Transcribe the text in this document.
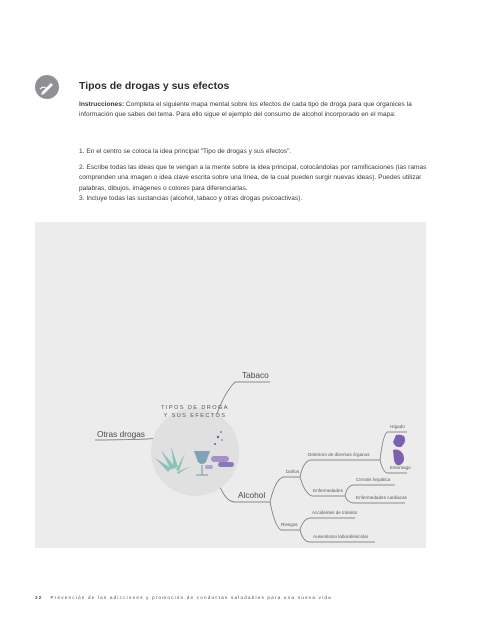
Tipos de drogas y sus efectos

Instrucciones: Completa el siguiente mapa mental sobre los efectos de cada tipo de droga para que organices la información que sabes del tema. Para ello sigue el ejemplo del consumo de alcohol incorporado en el mapa:

1. En el centro se coloca la idea principal "Tipo de drogas y sus efectos".
2. Escribe todas las ideas que te vengan a la mente sobre la idea principal, colocándolas por ramificaciones (las ramas comprenden una imagen o idea clave escrita sobre una línea, de la cual pueden surgir nuevas ideas). Puedes utilizar palabras, dibujos, imágenes o colores para diferenciarlas.
3. Incluye todas las sustancias (alcohol, tabaco y otras drogas psicoactivas).
TIPOS DE DROGA
Y SUS EFECTOS
Tabaco
Otras drogas
Alcohol
Daños
Riesgos
Deterioro de diversos órganos
Enfermedades
Hígado
Estómago
Cirrosis hepática
Enfermedades cardiacas
Accidentes de tránsito
Ausentismo laboral/escolar
22 Prevención de las adicciones y promoción de conductas saludables para una nueva vida
